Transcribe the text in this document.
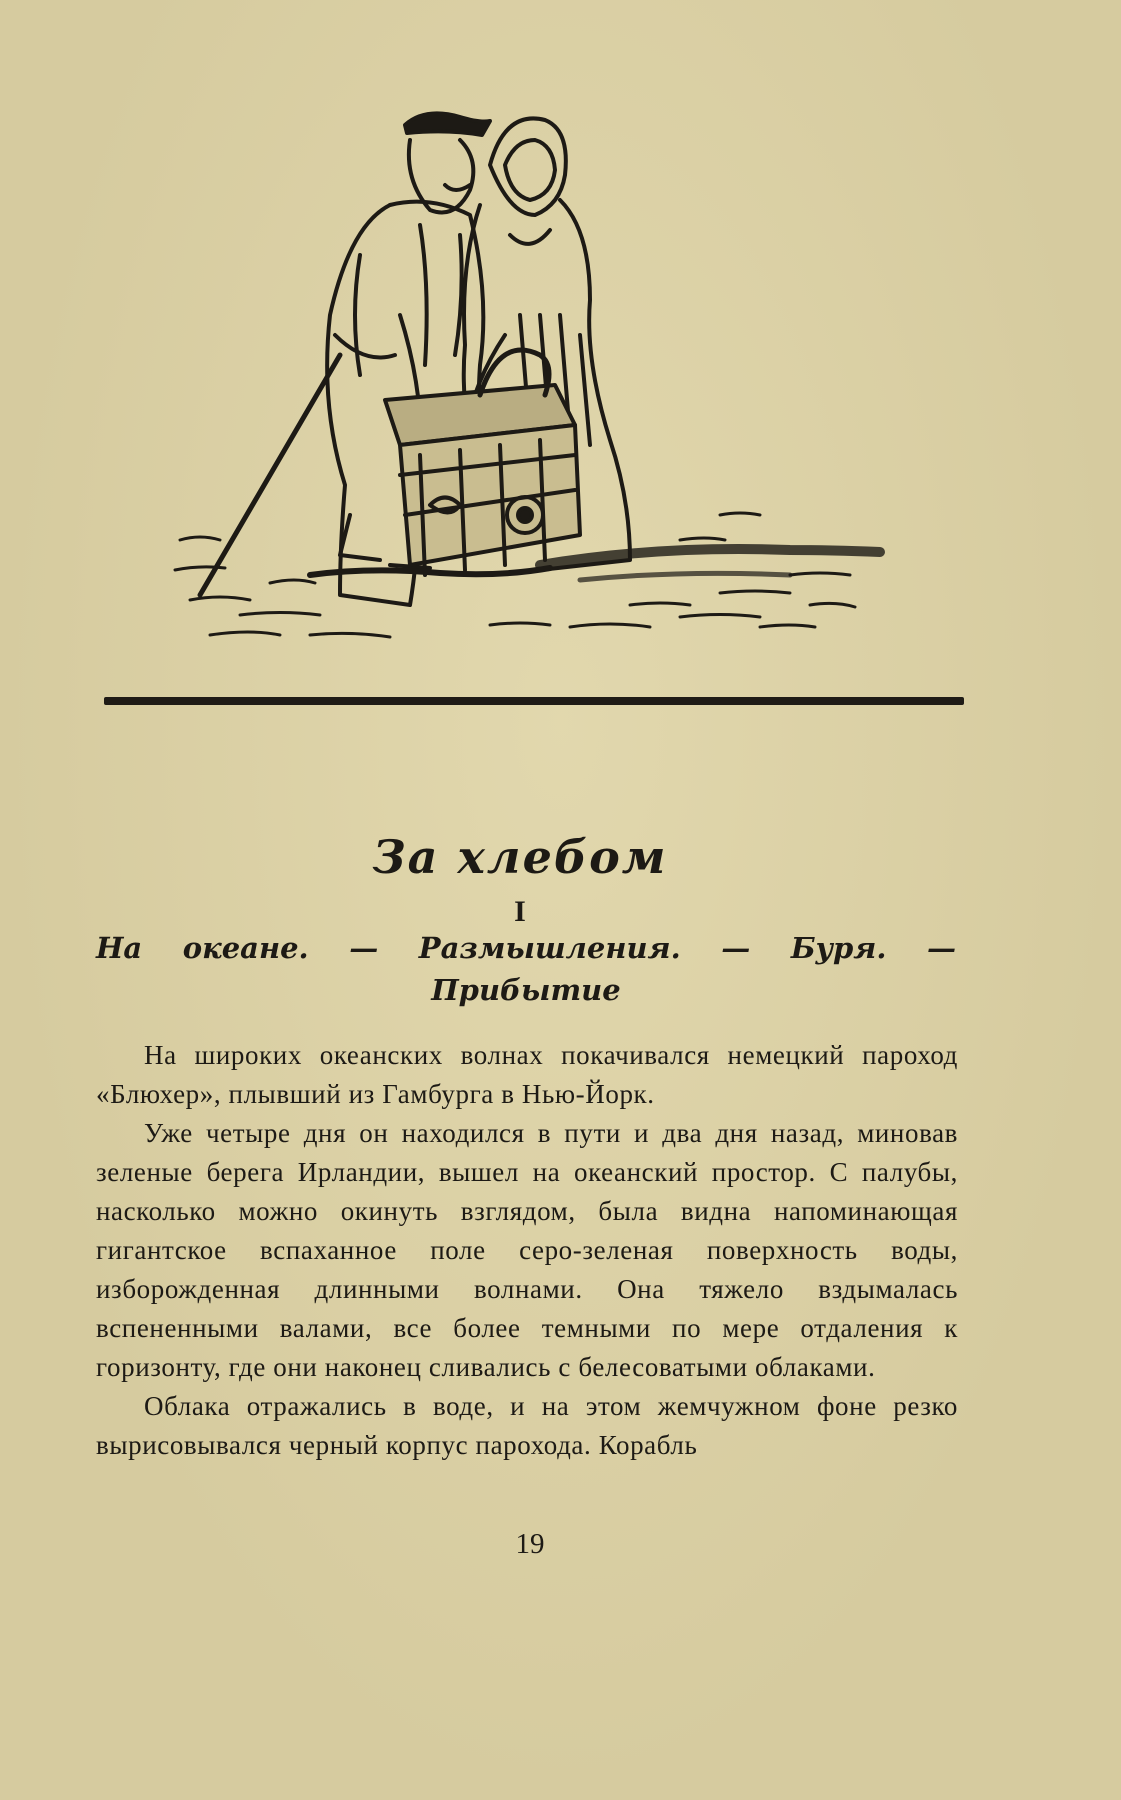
За хлебом
I
На океане. — Размышления. — Буря. — Прибытие

На широких океанских волнах покачивался немецкий пароход «Блюхер», плывший из Гамбурга в Нью-Йорк.

Уже четыре дня он находился в пути и два дня назад, миновав зеленые берега Ирландии, вышел на океанский простор. С палубы, насколько можно окинуть взглядом, была видна напоминающая гигантское вспаханное поле серо-зеленая поверхность воды, изборожденная длинными волнами. Она тяжело вздымалась вспененными валами, все более темными по мере отдаления к горизонту, где они наконец сливались с белесоватыми облаками.

Облака отражались в воде, и на этом жемчужном фоне резко вырисовывался черный корпус парохода. Корабль

19
